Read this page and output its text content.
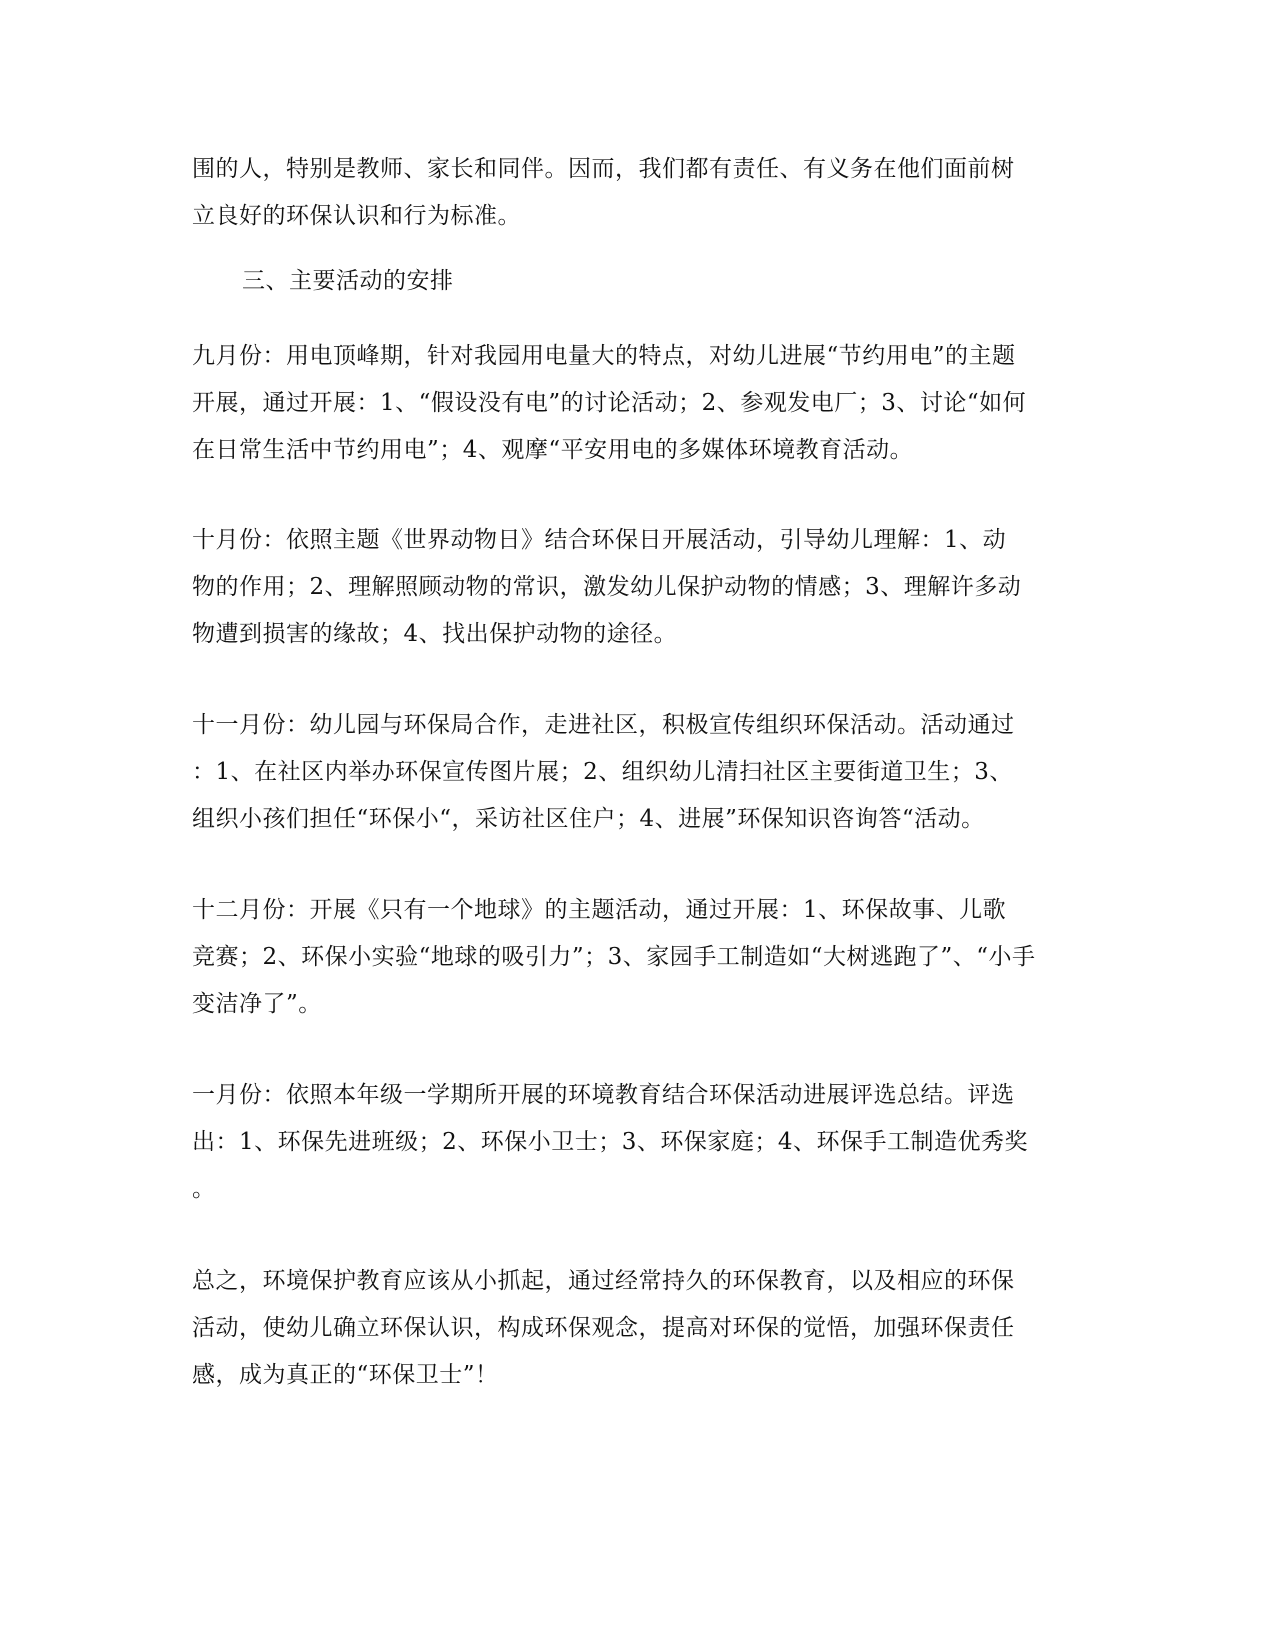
围的人，特别是教师、家长和同伴。因而，我们都有责任、有义务在他们面前树
立良好的环保认识和行为标准。
三、主要活动的安排
九月份：用电顶峰期，针对我园用电量大的特点，对幼儿进展“节约用电”的主题
开展，通过开展：1、“假设没有电”的讨论活动；2、参观发电厂；3、讨论“如何
在日常生活中节约用电”；4、观摩“平安用电的多媒体环境教育活动。
十月份：依照主题《世界动物日》结合环保日开展活动，引导幼儿理解：1、动
物的作用；2、理解照顾动物的常识，激发幼儿保护动物的情感；3、理解许多动
物遭到损害的缘故；4、找出保护动物的途径。
十一月份：幼儿园与环保局合作，走进社区，积极宣传组织环保活动。活动通过
：1、在社区内举办环保宣传图片展；2、组织幼儿清扫社区主要街道卫生；3、
组织小孩们担任“环保小“，采访社区住户；4、进展”环保知识咨询答“活动。
十二月份：开展《只有一个地球》的主题活动，通过开展：1、环保故事、儿歌
竞赛；2、环保小实验“地球的吸引力”；3、家园手工制造如“大树逃跑了”、“小手
变洁净了”。
一月份：依照本年级一学期所开展的环境教育结合环保活动进展评选总结。评选
出：1、环保先进班级；2、环保小卫士；3、环保家庭；4、环保手工制造优秀奖
。
总之，环境保护教育应该从小抓起，通过经常持久的环保教育，以及相应的环保
活动，使幼儿确立环保认识，构成环保观念，提高对环保的觉悟，加强环保责任
感，成为真正的“环保卫士”！
